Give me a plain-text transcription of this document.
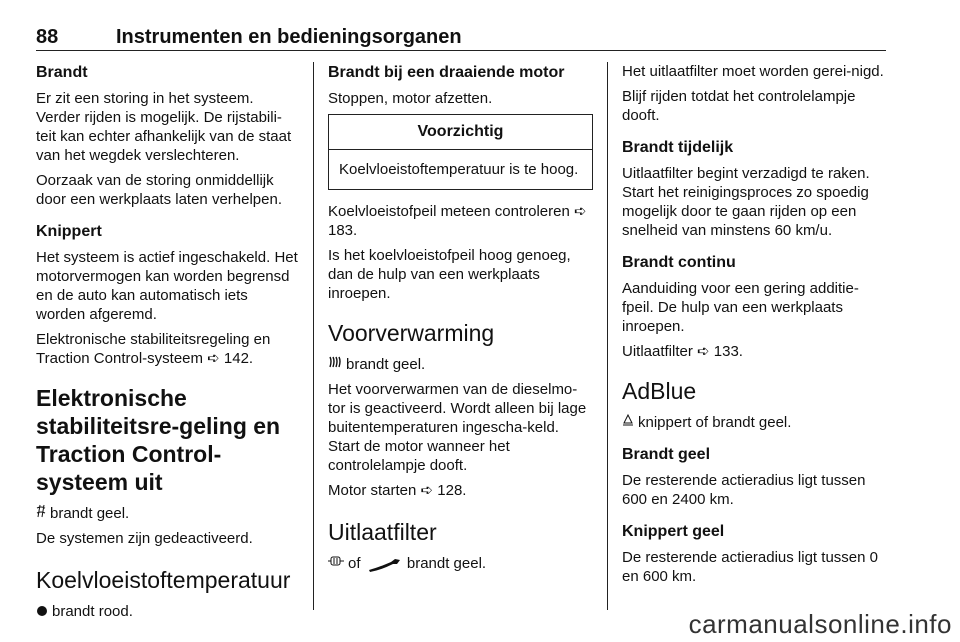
88	Instrumenten en bedieningsorganen
Brandt

Er zit een storing in het systeem. Verder rijden is mogelijk. De rijstabili-teit kan echter afhankelijk van de staat van het wegdek verslechteren.

Oorzaak van de storing onmiddellijk door een werkplaats laten verhelpen.

Knippert

Het systeem is actief ingeschakeld. Het motorvermogen kan worden begrensd en de auto kan automatisch iets worden afgeremd.

Elektronische stabiliteitsregeling en Traction Control-systeem ➪ 142.

Elektronische stabiliteitsre-geling en Traction Control-systeem uit

brandt geel.

De systemen zijn gedeactiveerd.

Koelvloeistoftemperatuur

brandt rood.

Brandt bij een draaiende motor

Stoppen, motor afzetten.

Voorzichtig
Koelvloeistoftemperatuur is te hoog.

Koelvloeistofpeil meteen controleren ➪ 183.

Is het koelvloeistofpeil hoog genoeg, dan de hulp van een werkplaats inroepen.

Voorverwarming

brandt geel.

Het voorverwarmen van de dieselmo-tor is geactiveerd. Wordt alleen bij lage buitentemperaturen ingescha-keld. Start de motor wanneer het controlelampje dooft.

Motor starten ➪ 128.

Uitlaatfilter

of	brandt geel.

Het uitlaatfilter moet worden gerei-nigd.

Blijf rijden totdat het controlelampje dooft.

Brandt tijdelijk

Uitlaatfilter begint verzadigd te raken. Start het reinigingsproces zo spoedig mogelijk door te gaan rijden op een snelheid van minstens 60 km/u.

Brandt continu

Aanduiding voor een gering additie-fpeil. De hulp van een werkplaats inroepen.

Uitlaatfilter ➪ 133.

AdBlue

knippert of brandt geel.

Brandt geel

De resterende actieradius ligt tussen 600 en 2400 km.

Knippert geel

De resterende actieradius ligt tussen 0 en 600 km.

carmanualsonline.info
